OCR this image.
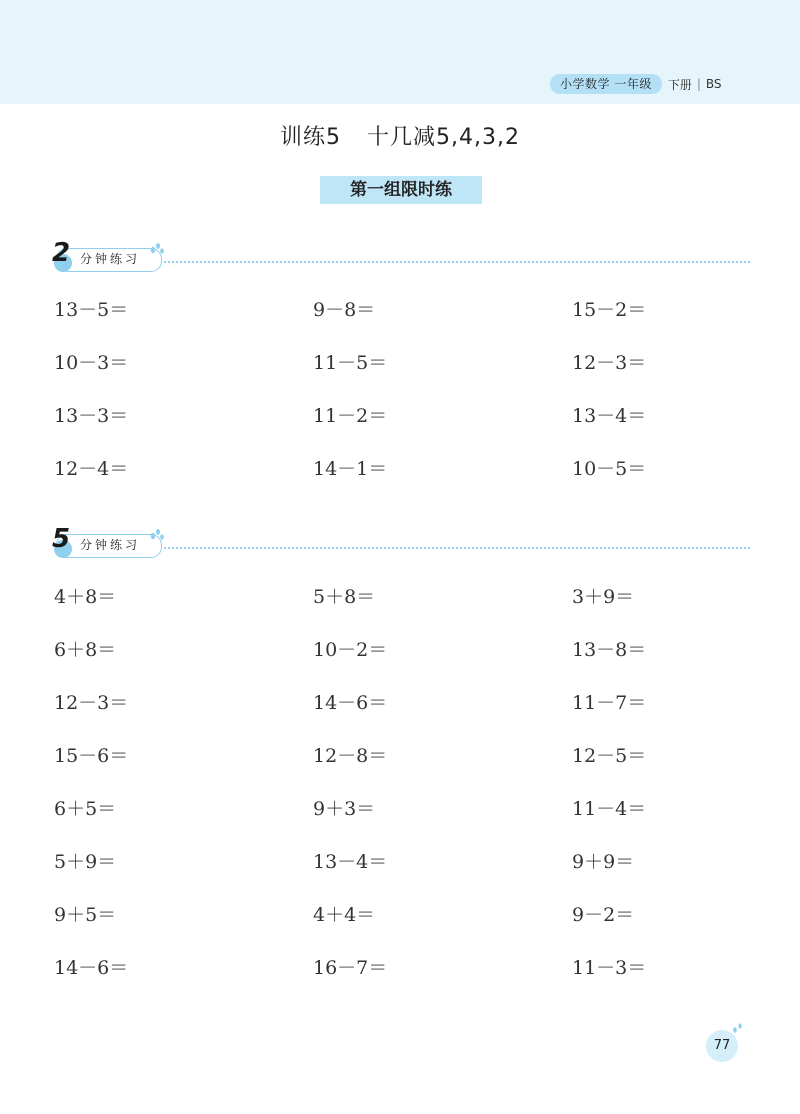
小学数学 一年级	下册 | BS
训练5 十几减5,4,3,2
第一组限时练
2 分钟练习
13－5＝	9－8＝	15－2＝
10－3＝	11－5＝	12－3＝
13－3＝	11－2＝	13－4＝
12－4＝	14－1＝	10－5＝
5 分钟练习
4＋8＝	5＋8＝	3＋9＝
6＋8＝	10－2＝	13－8＝
12－3＝	14－6＝	11－7＝
15－6＝	12－8＝	12－5＝
6＋5＝	9＋3＝	11－4＝
5＋9＝	13－4＝	9＋9＝
9＋5＝	4＋4＝	9－2＝
14－6＝	16－7＝	11－3＝
77
